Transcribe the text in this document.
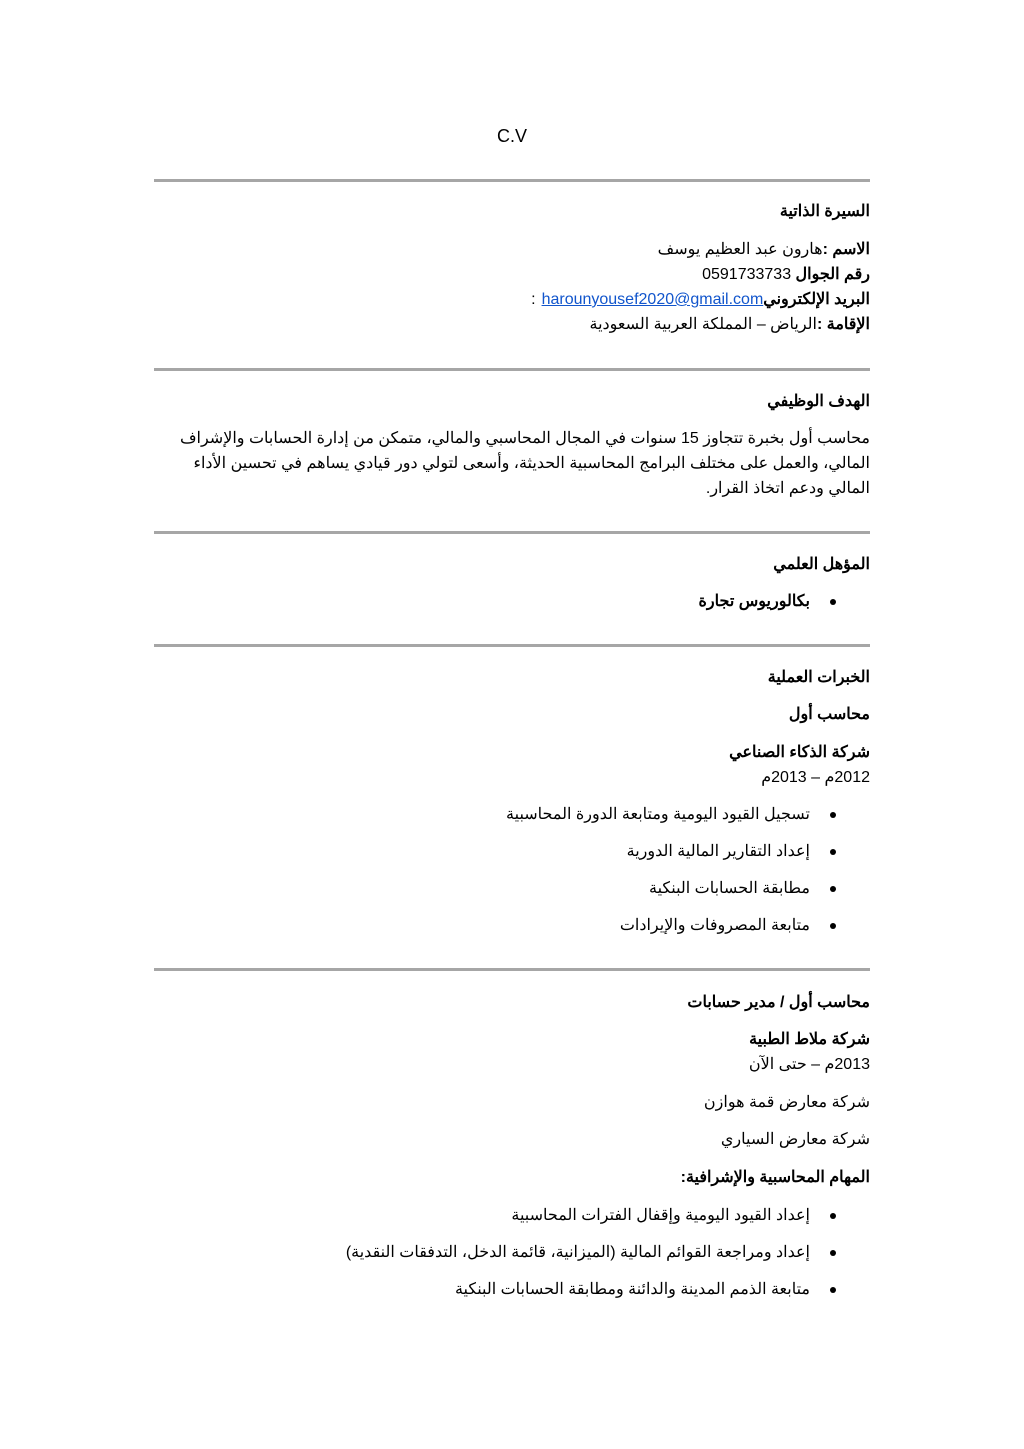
C.V
السيرة الذاتية
الاسم :هارون عبد العظيم يوسف
رقم الجوال 0591733733
البريد الإلكترونيharounyousef2020@gmail.com:
الإقامة :الرياض – المملكة العربية السعودية
الهدف الوظيفي
محاسب أول بخبرة تتجاوز 15 سنوات في المجال المحاسبي والمالي، متمكن من إدارة الحسابات والإشراف المالي، والعمل على مختلف البرامج المحاسبية الحديثة، وأسعى لتولي دور قيادي يساهم في تحسين الأداء المالي ودعم اتخاذ القرار.
المؤهل العلمي
بكالوريوس تجارة
الخبرات العملية
محاسب أول
شركة الذكاء الصناعي
2012م – 2013م
تسجيل القيود اليومية ومتابعة الدورة المحاسبية
إعداد التقارير المالية الدورية
مطابقة الحسابات البنكية
متابعة المصروفات والإيرادات
محاسب أول / مدير حسابات
شركة ملاط الطبية
2013م – حتى الآن
شركة معارض قمة هوازن
شركة معارض السياري
المهام المحاسبية والإشرافية:
إعداد القيود اليومية وإقفال الفترات المحاسبية
إعداد ومراجعة القوائم المالية (الميزانية، قائمة الدخل، التدفقات النقدية)
متابعة الذمم المدينة والدائنة ومطابقة الحسابات البنكية
